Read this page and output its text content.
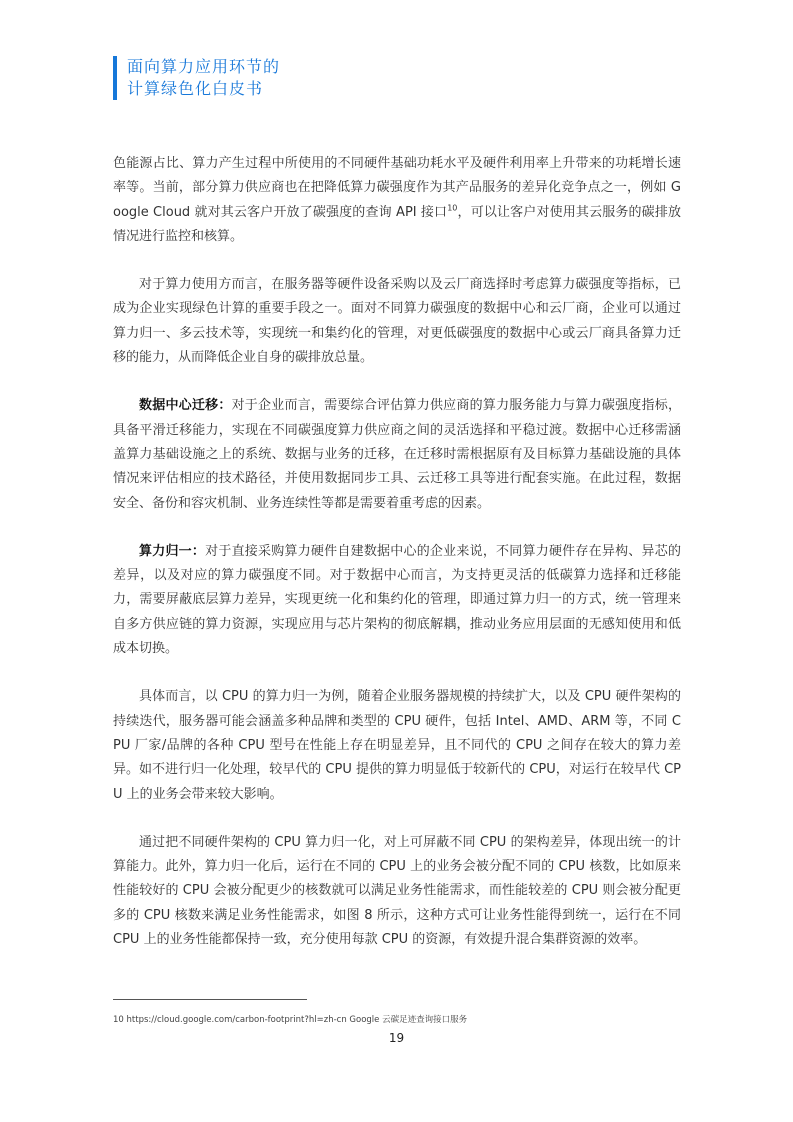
面向算力应用环节的
计算绿色化白皮书

色能源占比、算力产生过程中所使用的不同硬件基础功耗水平及硬件利用率上升带来的功耗增长速率等。当前，部分算力供应商也在把降低算力碳强度作为其产品服务的差异化竞争点之一，例如 Google Cloud 就对其云客户开放了碳强度的查询 API 接口$^{10}$，可以让客户对使用其云服务的碳排放情况进行监控和核算。

对于算力使用方而言，在服务器等硬件设备采购以及云厂商选择时考虑算力碳强度等指标，已成为企业实现绿色计算的重要手段之一。面对不同算力碳强度的数据中心和云厂商，企业可以通过算力归一、多云技术等，实现统一和集约化的管理，对更低碳强度的数据中心或云厂商具备算力迁移的能力，从而降低企业自身的碳排放总量。

数据中心迁移：对于企业而言，需要综合评估算力供应商的算力服务能力与算力碳强度指标，具备平滑迁移能力，实现在不同碳强度算力供应商之间的灵活选择和平稳过渡。数据中心迁移需涵盖算力基础设施之上的系统、数据与业务的迁移，在迁移时需根据原有及目标算力基础设施的具体情况来评估相应的技术路径，并使用数据同步工具、云迁移工具等进行配套实施。在此过程，数据安全、备份和容灾机制、业务连续性等都是需要着重考虑的因素。

算力归一：对于直接采购算力硬件自建数据中心的企业来说，不同算力硬件存在异构、异芯的差异，以及对应的算力碳强度不同。对于数据中心而言，为支持更灵活的低碳算力选择和迁移能力，需要屏蔽底层算力差异，实现更统一化和集约化的管理，即通过算力归一的方式，统一管理来自多方供应链的算力资源，实现应用与芯片架构的彻底解耦，推动业务应用层面的无感知使用和低成本切换。

具体而言，以 CPU 的算力归一为例，随着企业服务器规模的持续扩大，以及 CPU 硬件架构的持续迭代，服务器可能会涵盖多种品牌和类型的 CPU 硬件，包括 Intel、AMD、ARM 等，不同 CPU 厂家/品牌的各种 CPU 型号在性能上存在明显差异，且不同代的 CPU 之间存在较大的算力差异。如不进行归一化处理，较早代的 CPU 提供的算力明显低于较新代的 CPU，对运行在较早代 CPU 上的业务会带来较大影响。

通过把不同硬件架构的 CPU 算力归一化，对上可屏蔽不同 CPU 的架构差异，体现出统一的计算能力。此外，算力归一化后，运行在不同的 CPU 上的业务会被分配不同的 CPU 核数，比如原来性能较好的 CPU 会被分配更少的核数就可以满足业务性能需求，而性能较差的 CPU 则会被分配更多的 CPU 核数来满足业务性能需求，如图 8 所示，这种方式可让业务性能得到统一，运行在不同 CPU 上的业务性能都保持一致，充分使用每款 CPU 的资源，有效提升混合集群资源的效率。

10 https://cloud.google.com/carbon-footprint?hl=zh-cn Google 云碳足迹查询接口服务
19
